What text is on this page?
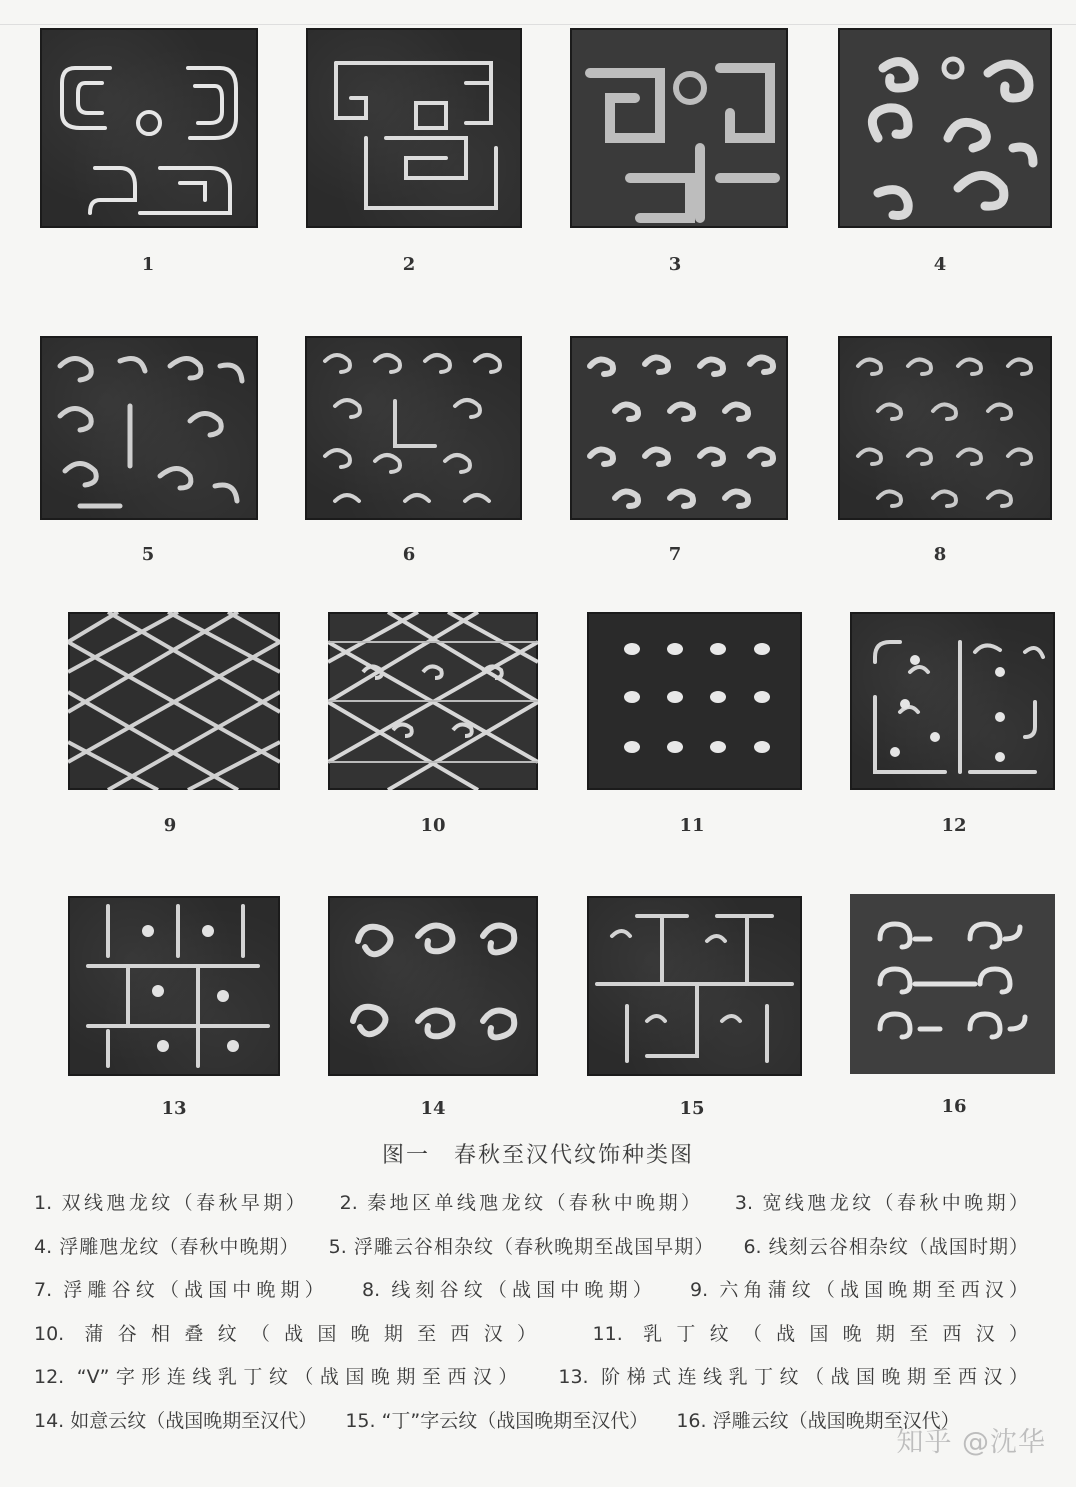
1	2	3	4
5	6	7	8
9	10	11	12
13	14	15	16
图一　春秋至汉代纹饰种类图
1. 双线虺龙纹（春秋早期） 2. 秦地区单线虺龙纹（春秋中晚期） 3. 宽线虺龙纹（春秋中晚期） 4. 浮雕虺龙纹（春秋中晚期） 5. 浮雕云谷相杂纹（春秋晚期至战国早期） 6. 线刻云谷相杂纹（战国时期） 7. 浮雕谷纹（战国中晚期） 8. 线刻谷纹（战国中晚期） 9. 六角蒲纹（战国晚期至西汉） 10. 蒲谷相叠纹（战国晚期至西汉） 11. 乳丁纹（战国晚期至西汉） 12. “V”字形连线乳丁纹（战国晚期至西汉） 13. 阶梯式连线乳丁纹（战国晚期至西汉） 14. 如意云纹（战国晚期至汉代） 15. “丁”字云纹（战国晚期至汉代） 16. 浮雕云纹（战国晚期至汉代）
知乎 @沈华
